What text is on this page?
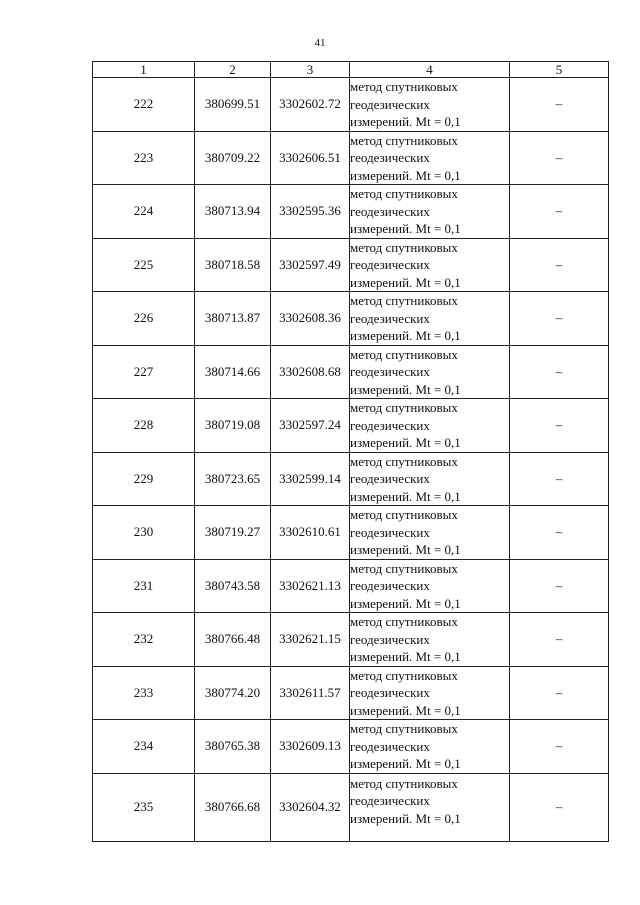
41
1	2	3	4	5
222	380699.51	3302602.72	метод спутниковых
геодезических
измерений. Mt = 0,1	–
223	380709.22	3302606.51	метод спутниковых
геодезических
измерений. Mt = 0,1	–
224	380713.94	3302595.36	метод спутниковых
геодезических
измерений. Mt = 0,1	–
225	380718.58	3302597.49	метод спутниковых
геодезических
измерений. Mt = 0,1	–
226	380713.87	3302608.36	метод спутниковых
геодезических
измерений. Mt = 0,1	–
227	380714.66	3302608.68	метод спутниковых
геодезических
измерений. Mt = 0,1	–
228	380719.08	3302597.24	метод спутниковых
геодезических
измерений. Mt = 0,1	–
229	380723.65	3302599.14	метод спутниковых
геодезических
измерений. Mt = 0,1	–
230	380719.27	3302610.61	метод спутниковых
геодезических
измерений. Mt = 0,1	–
231	380743.58	3302621.13	метод спутниковых
геодезических
измерений. Mt = 0,1	–
232	380766.48	3302621.15	метод спутниковых
геодезических
измерений. Mt = 0,1	–
233	380774.20	3302611.57	метод спутниковых
геодезических
измерений. Mt = 0,1	–
234	380765.38	3302609.13	метод спутниковых
геодезических
измерений. Mt = 0,1	–
235	380766.68	3302604.32	метод спутниковых
геодезических
измерений. Mt = 0,1	–
